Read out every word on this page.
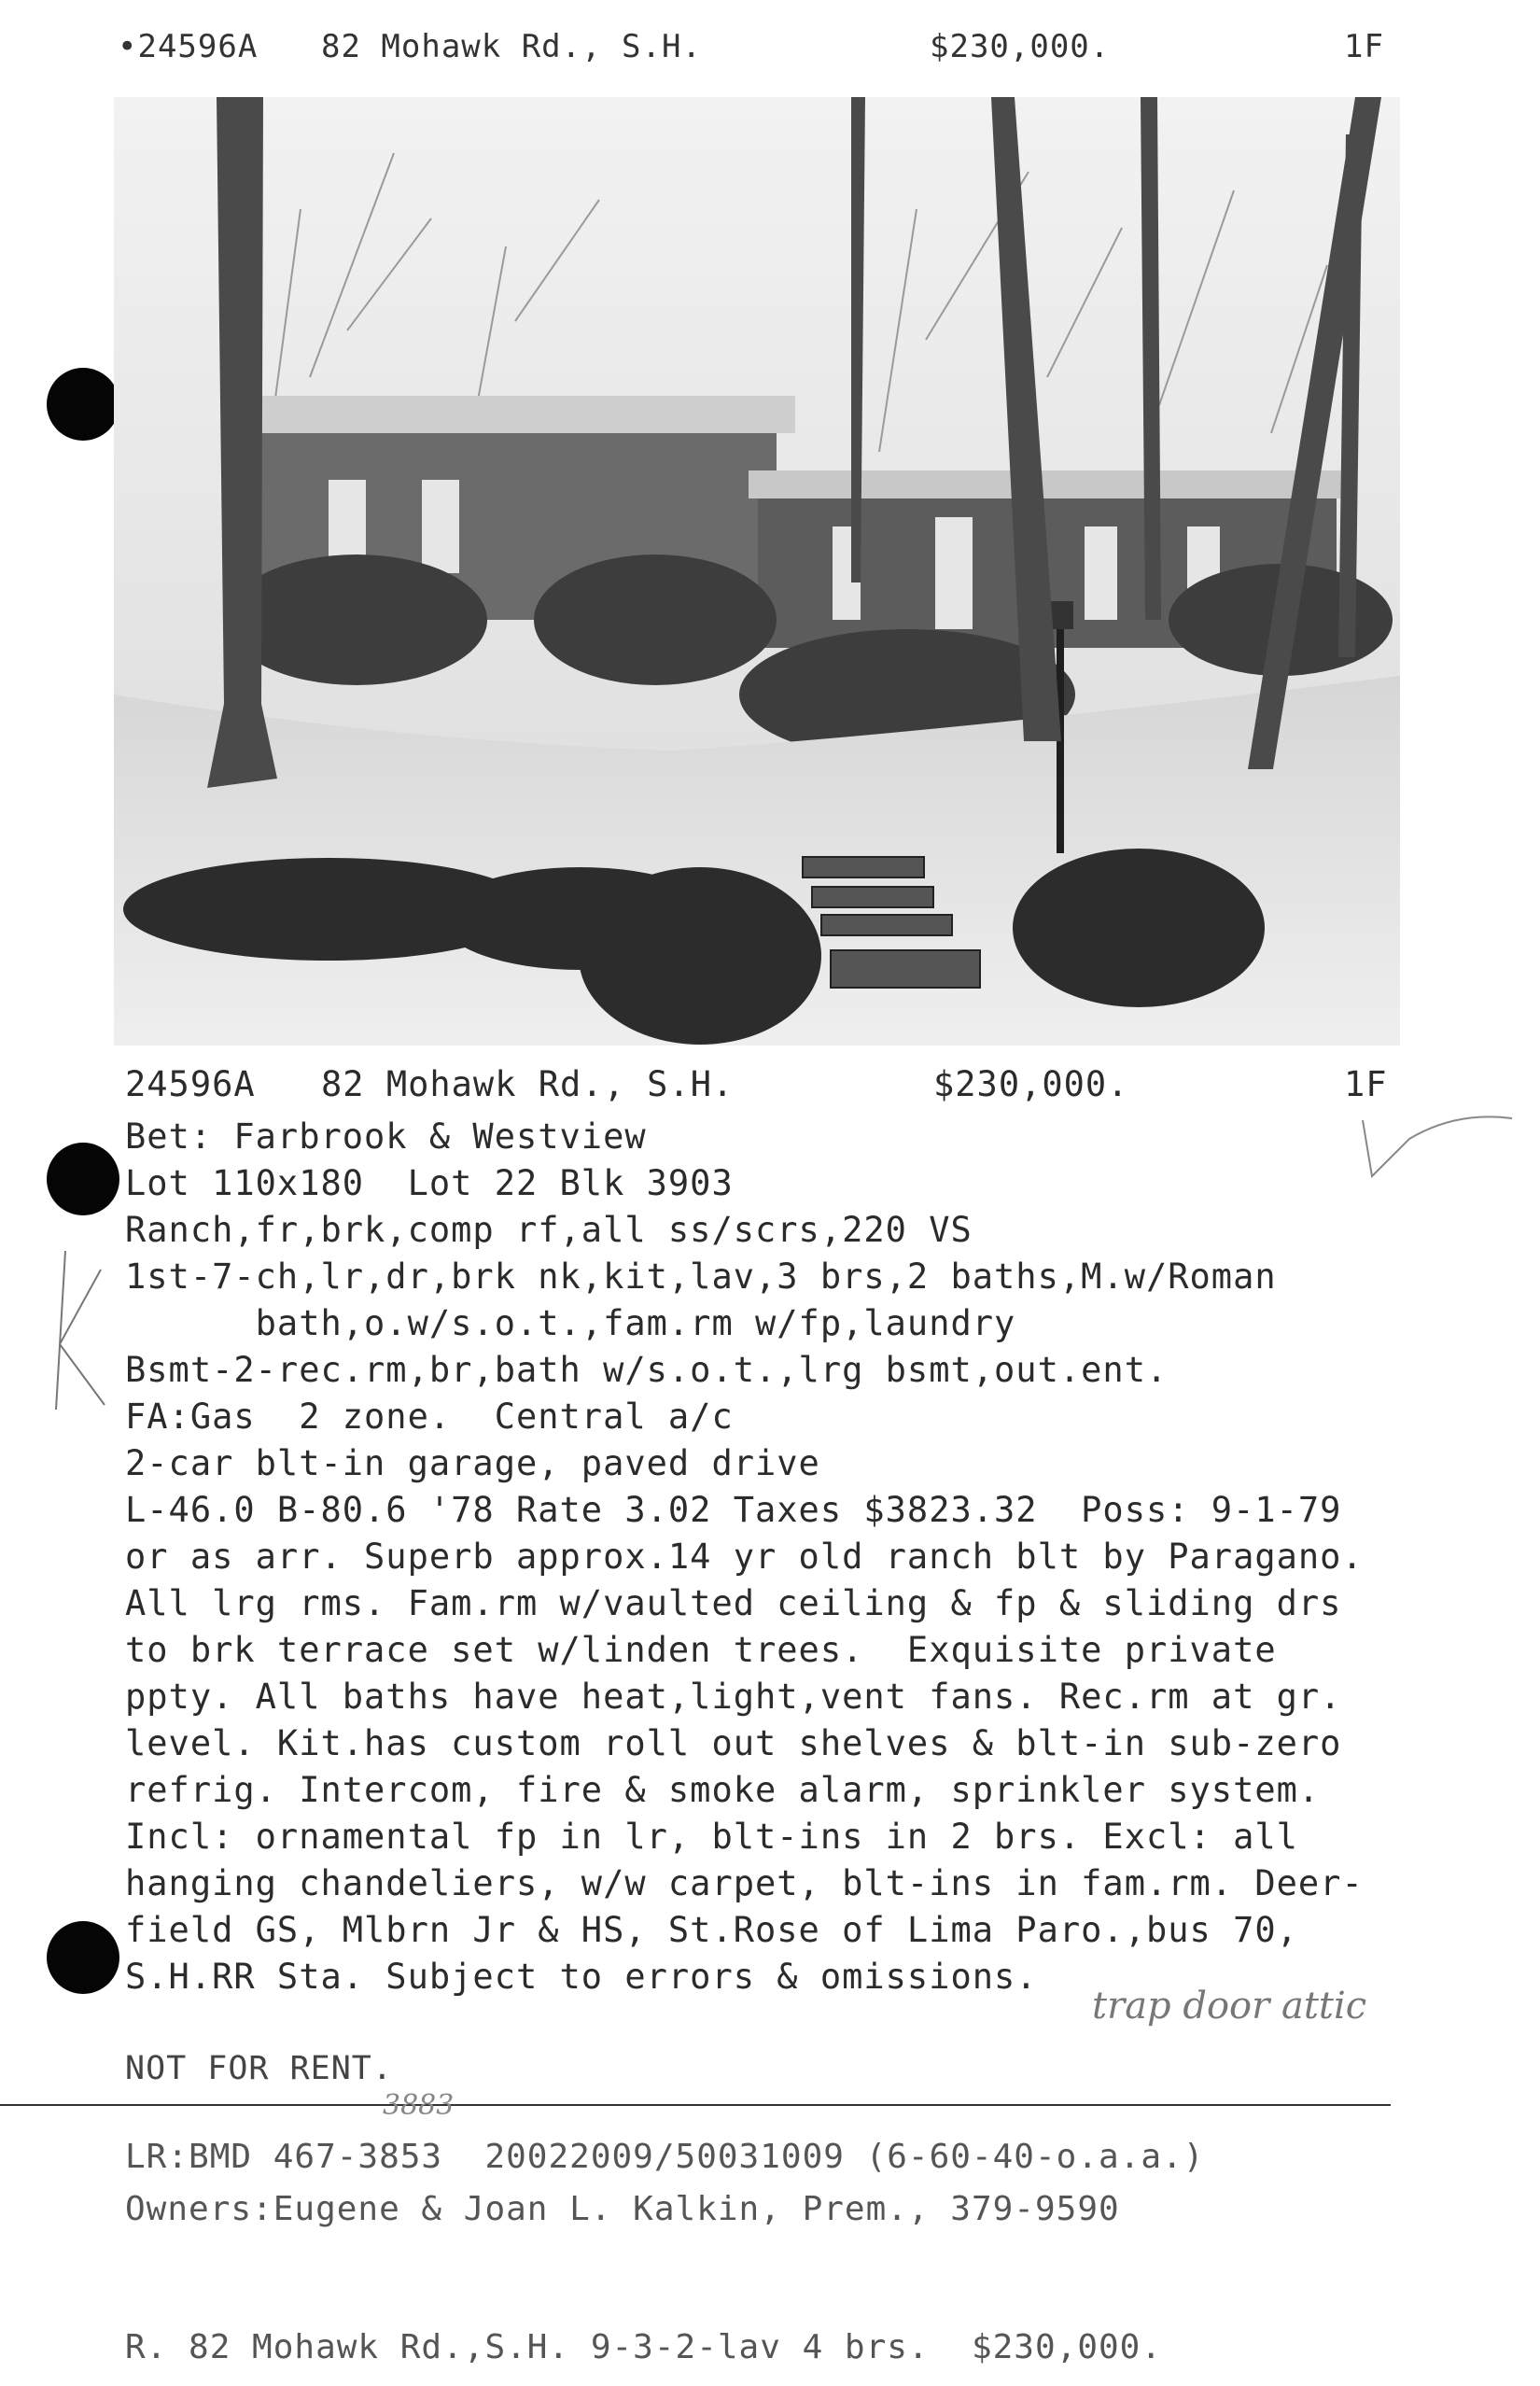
•24596A 82 Mohawk Rd., S.H.	$230,000.	1F
24596A 82 Mohawk Rd., S.H.	$230,000.	1F
Bet: Farbrook & Westview
Lot 110x180  Lot 22 Blk 3903
Ranch,fr,brk,comp rf,all ss/scrs,220 VS
1st-7-ch,lr,dr,brk nk,kit,lav,3 brs,2 baths,M.w/Roman
bath,o.w/s.o.t.,fam.rm w/fp,laundry
Bsmt-2-rec.rm,br,bath w/s.o.t.,lrg bsmt,out.ent.
FA:Gas  2 zone.  Central a/c
2-car blt-in garage, paved drive
L-46.0 B-80.6 '78 Rate 3.02 Taxes $3823.32  Poss: 9-1-79
or as arr. Superb approx.14 yr old ranch blt by Paragano.
All lrg rms. Fam.rm w/vaulted ceiling & fp & sliding drs
to brk terrace set w/linden trees.  Exquisite private
ppty. All baths have heat,light,vent fans. Rec.rm at gr.
level. Kit.has custom roll out shelves & blt-in sub-zero
refrig. Intercom, fire & smoke alarm, sprinkler system.
Incl: ornamental fp in lr, blt-ins in 2 brs. Excl: all
hanging chandeliers, w/w carpet, blt-ins in fam.rm. Deer-
field GS, Mlbrn Jr & HS, St.Rose of Lima Paro.,bus 70,
S.H.RR Sta. Subject to errors & omissions.
NOT FOR RENT.
LR:BMD 467-3853  20022009/50031009 (6-60-40-o.a.a.)
Owners:Eugene & Joan L. Kalkin, Prem., 379-9590
R. 82 Mohawk Rd.,S.H. 9-3-2-lav 4 brs.  $230,000.
trap door attic
3883
